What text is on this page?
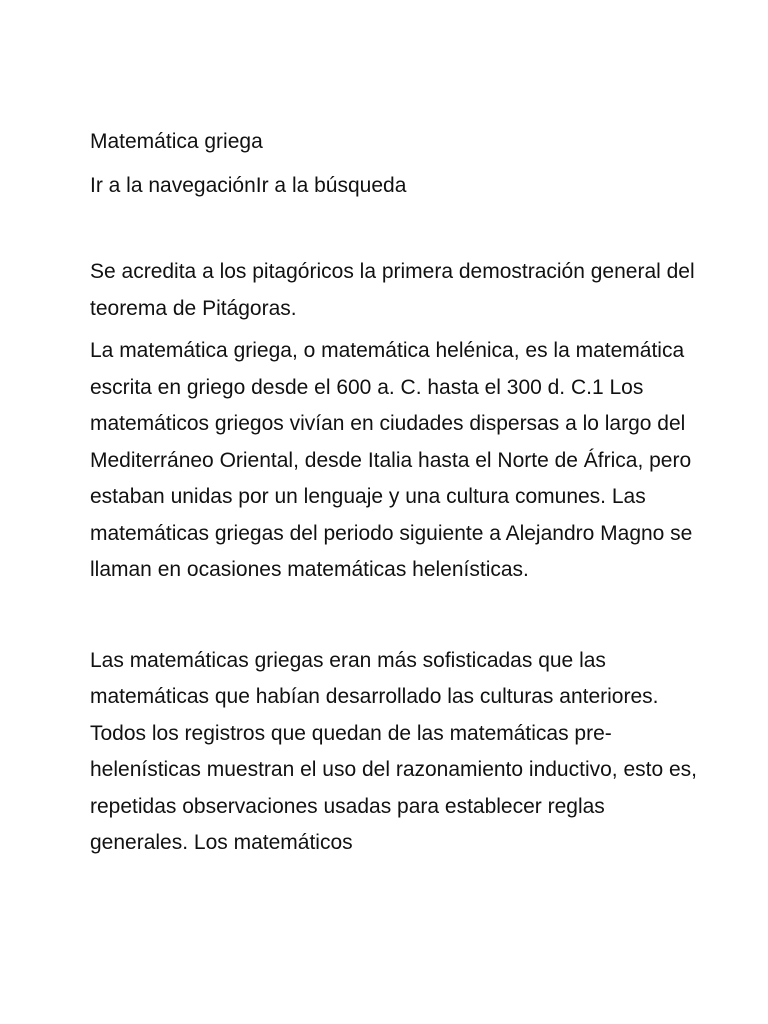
Matemática griega

Ir a la navegaciónIr a la búsqueda

Se acredita a los pitagóricos la primera demostración general del teorema de Pitágoras.

La matemática griega, o matemática helénica, es la matemática escrita en griego desde el 600 a. C. hasta el 300 d. C.1 Los matemáticos griegos vivían en ciudades dispersas a lo largo del Mediterráneo Oriental, desde Italia hasta el Norte de África, pero estaban unidas por un lenguaje y una cultura comunes. Las matemáticas griegas del periodo siguiente a Alejandro Magno se llaman en ocasiones matemáticas helenísticas.

Las matemáticas griegas eran más sofisticadas que las matemáticas que habían desarrollado las culturas anteriores. Todos los registros que quedan de las matemáticas pre-helenísticas muestran el uso del razonamiento inductivo, esto es, repetidas observaciones usadas para establecer reglas generales. Los matemáticos
